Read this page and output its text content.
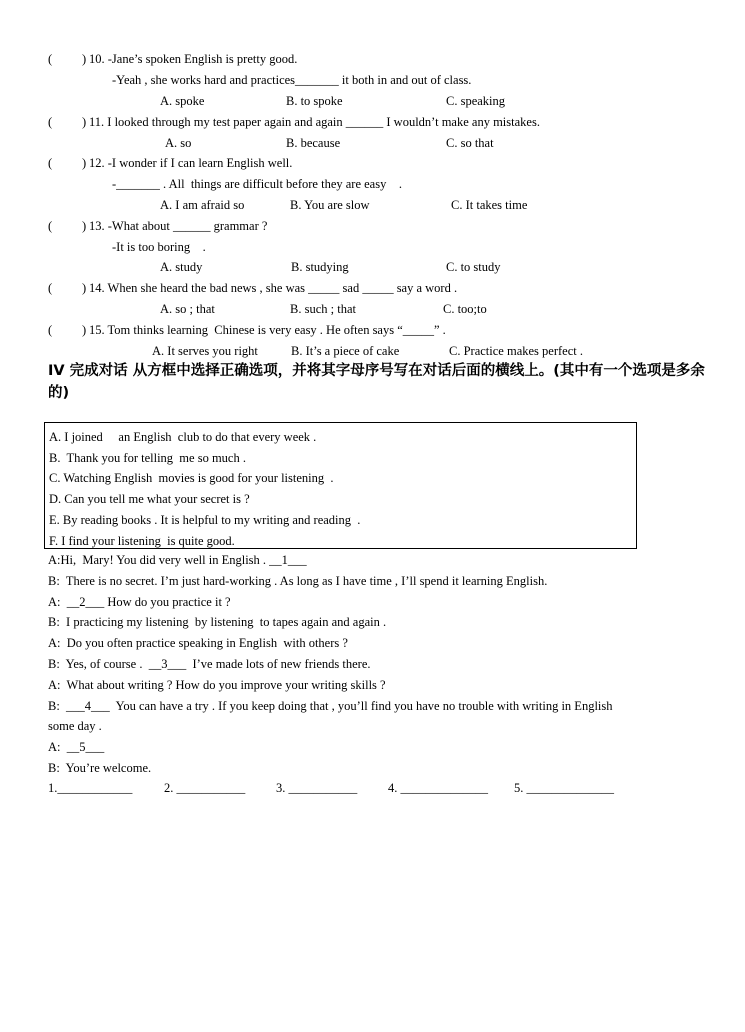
( ) 10. -Jane’s spoken English is pretty good.
-Yeah , she works hard and practices_______ it both in and out of class.
A. spoke	B. to spoke	C. speaking
( ) 11. I looked through my test paper again and again ______ I wouldn’t make any mistakes.
A. so	B. because	C. so that
( ) 12. -I wonder if I can learn English well.
-_______ . All  things are difficult before they are easy    .
A. I am afraid so	B. You are slow	C. It takes time
( ) 13. -What about ______ grammar ?
-It is too boring    .
A. study	B. studying	C. to study
( ) 14. When she heard the bad news , she was _____ sad _____ say a word .
A. so ; that	B. such ; that	C. too;to
( ) 15. Tom thinks learning  Chinese is very easy . He often says “_____” .
A. It serves you right	B. It’s a piece of cake	C. Practice makes perfect .
IV 完成对话 从方框中选择正确选项，并将其字母序号写在对话后面的横线上。(其中有一个选项是多余的)
A. I joined     an English  club to do that every week .
B.  Thank you for telling  me so much .
C. Watching English  movies is good for your listening  .
D. Can you tell me what your secret is ?
E. By reading books . It is helpful to my writing and reading  .
F. I find your listening  is quite good.
A:Hi,  Mary! You did very well in English . __1___
B:  There is no secret. I’m just hard-working . As long as I have time , I’ll spend it learning English.
A:  __2___ How do you practice it ?
B:  I practicing my listening  by listening  to tapes again and again .
A:  Do you often practice speaking in English  with others ?
B:  Yes, of course .  __3___  I’ve made lots of new friends there.
A:  What about writing ? How do you improve your writing skills ?
B:  ___4___  You can have a try . If you keep doing that , you’ll find you have no trouble with writing in English
some day .
A:  __5___
B:  You’re welcome.
1.____________	2. ___________ 3. ___________ 4. ______________ 5. ______________
